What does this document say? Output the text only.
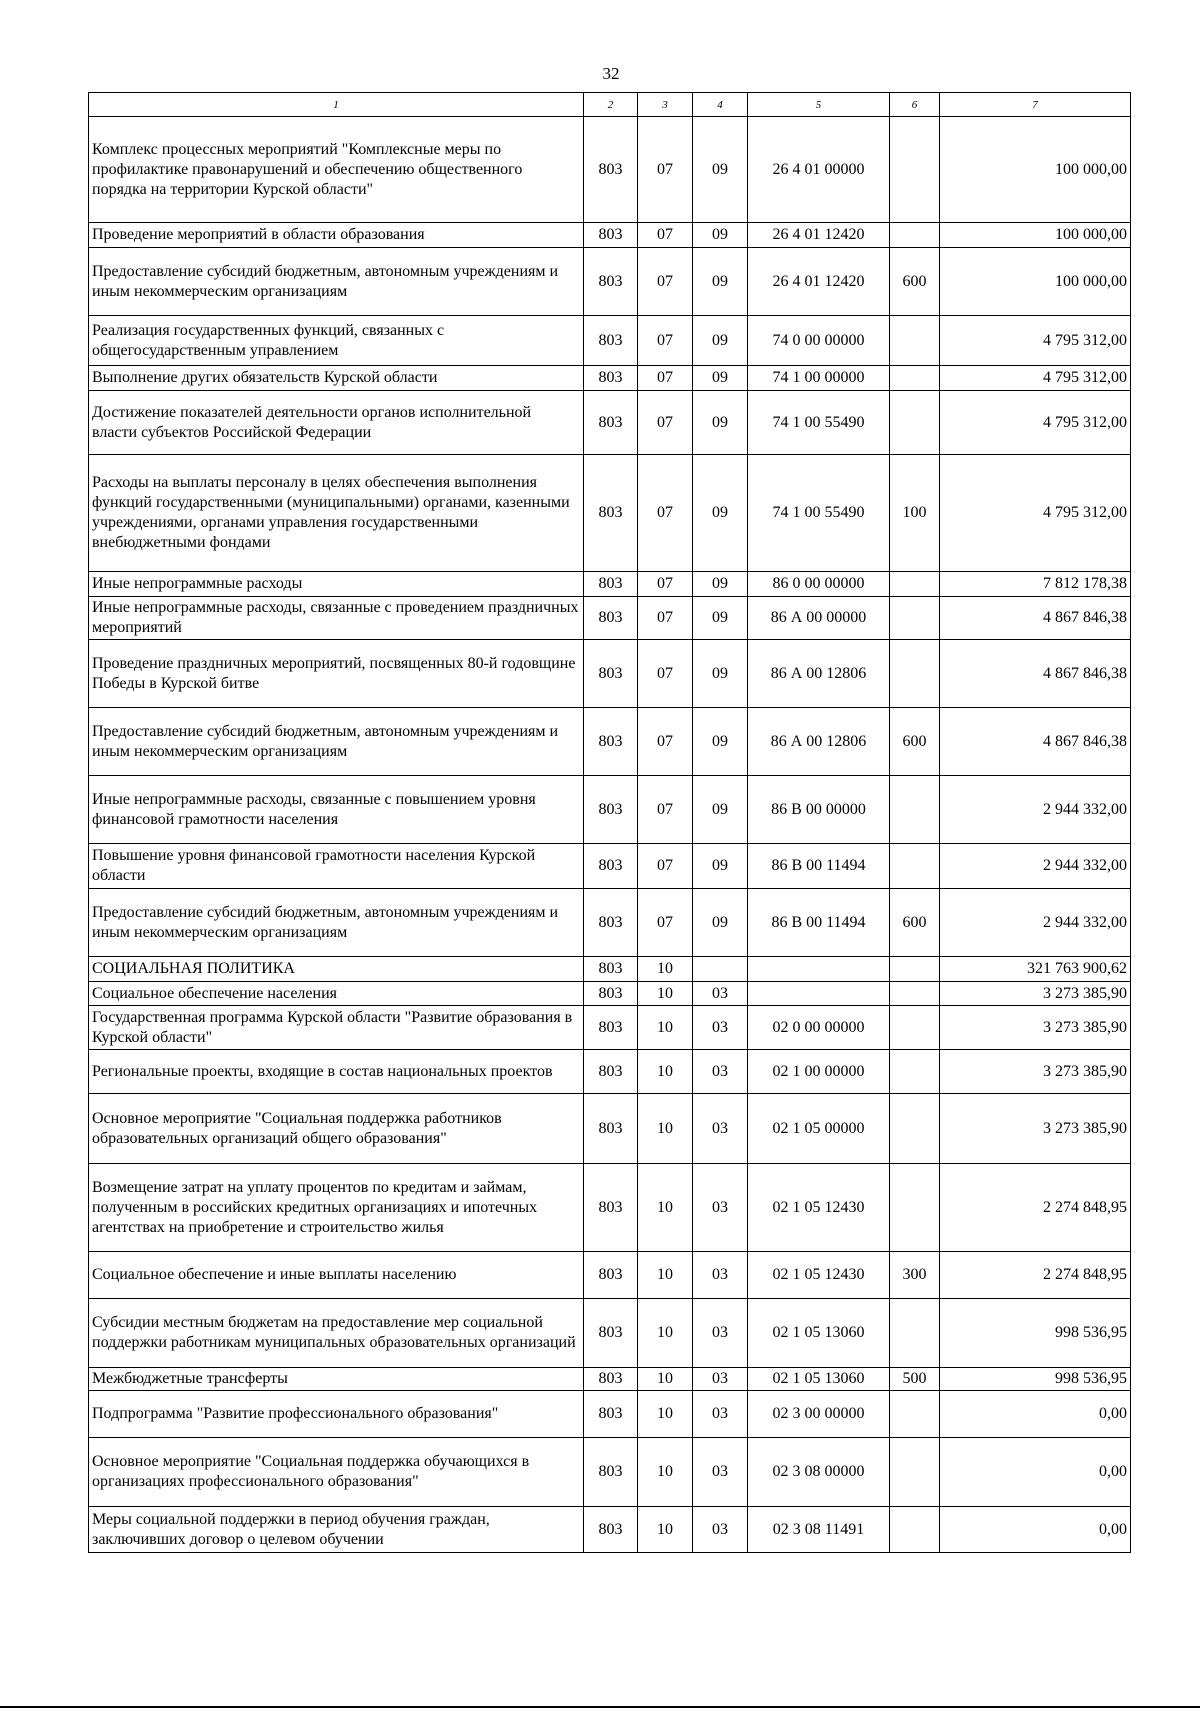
32
1	2	3	4	5	6	7
Комплекс процессных мероприятий "Комплексные меры по профилактике правонарушений и обеспечению общественного порядка на территории Курской области"	803	07	09	26 4 01 00000		100 000,00
Проведение мероприятий в области образования	803	07	09	26 4 01 12420		100 000,00
Предоставление субсидий бюджетным, автономным учреждениям и иным некоммерческим организациям	803	07	09	26 4 01 12420	600	100 000,00
Реализация государственных функций, связанных с общегосударственным управлением	803	07	09	74 0 00 00000		4 795 312,00
Выполнение других обязательств Курской области	803	07	09	74 1 00 00000		4 795 312,00
Достижение показателей деятельности органов исполнительной власти субъектов Российской Федерации	803	07	09	74 1 00 55490		4 795 312,00
Расходы на выплаты персоналу в целях обеспечения выполнения функций государственными (муниципальными) органами, казенными учреждениями, органами управления государственными внебюджетными фондами	803	07	09	74 1 00 55490	100	4 795 312,00
Иные непрограммные расходы	803	07	09	86 0 00 00000		7 812 178,38
Иные непрограммные расходы, связанные с проведением праздничных мероприятий	803	07	09	86 А 00 00000		4 867 846,38
Проведение праздничных мероприятий, посвященных 80-й годовщине Победы в Курской битве	803	07	09	86 А 00 12806		4 867 846,38
Предоставление субсидий бюджетным, автономным учреждениям и иным некоммерческим организациям	803	07	09	86 А 00 12806	600	4 867 846,38
Иные непрограммные расходы, связанные с повышением уровня финансовой грамотности населения	803	07	09	86 В 00 00000		2 944 332,00
Повышение уровня финансовой грамотности населения Курской области	803	07	09	86 В 00 11494		2 944 332,00
Предоставление субсидий бюджетным, автономным учреждениям и иным некоммерческим организациям	803	07	09	86 В 00 11494	600	2 944 332,00
СОЦИАЛЬНАЯ ПОЛИТИКА	803	10				321 763 900,62
Социальное обеспечение населения	803	10	03			3 273 385,90
Государственная программа Курской области "Развитие образования в Курской области"	803	10	03	02 0 00 00000		3 273 385,90
Региональные проекты, входящие в состав национальных проектов	803	10	03	02 1 00 00000		3 273 385,90
Основное мероприятие "Социальная поддержка работников образовательных организаций общего образования"	803	10	03	02 1 05 00000		3 273 385,90
Возмещение затрат на уплату процентов по кредитам и займам, полученным в российских кредитных организациях и ипотечных агентствах на приобретение и строительство жилья	803	10	03	02 1 05 12430		2 274 848,95
Социальное обеспечение и иные выплаты населению	803	10	03	02 1 05 12430	300	2 274 848,95
Субсидии местным бюджетам на предоставление мер социальной поддержки работникам муниципальных образовательных организаций	803	10	03	02 1 05 13060		998 536,95
Межбюджетные трансферты	803	10	03	02 1 05 13060	500	998 536,95
Подпрограмма "Развитие профессионального образования"	803	10	03	02 3 00 00000		0,00
Основное мероприятие "Социальная поддержка обучающихся в организациях профессионального образования"	803	10	03	02 3 08 00000		0,00
Меры социальной поддержки в период обучения граждан, заключивших договор о целевом обучении	803	10	03	02 3 08 11491		0,00
